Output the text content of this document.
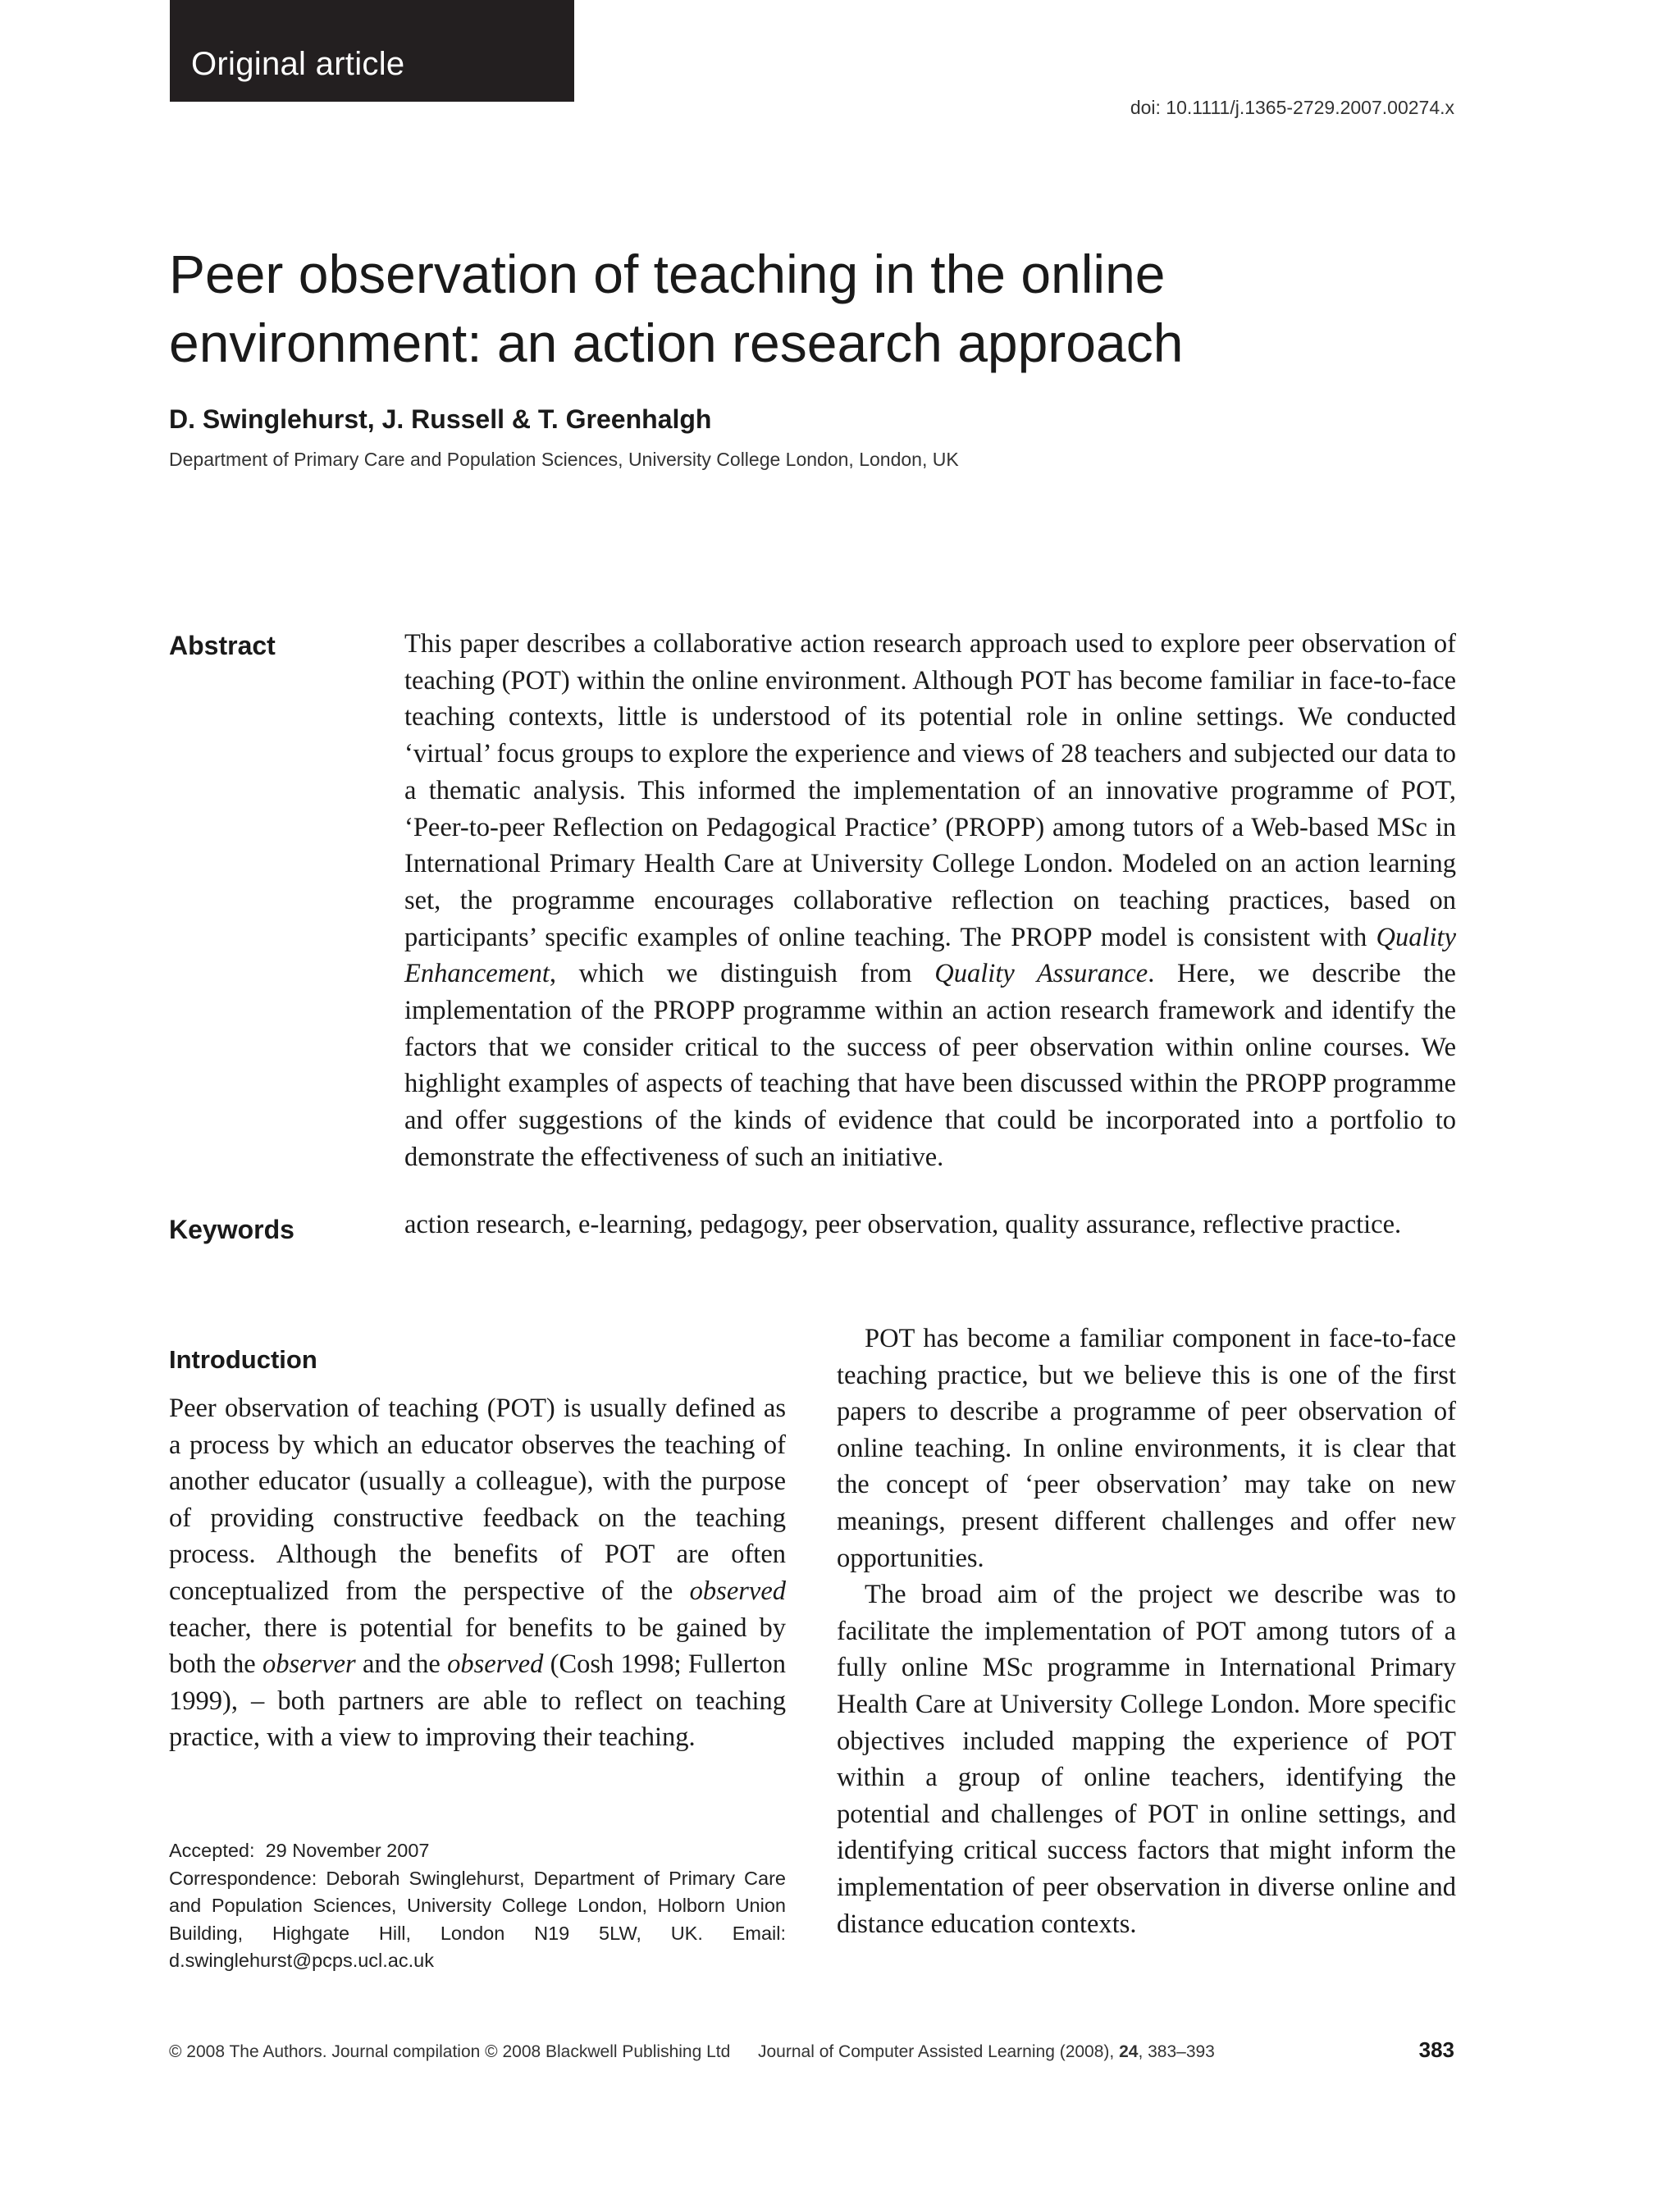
Original article
doi: 10.1111/j.1365-2729.2007.00274.x
Peer observation of teaching in the online
environment: an action research approach
D. Swinglehurst, J. Russell & T. Greenhalgh
Department of Primary Care and Population Sciences, University College London, London, UK
Abstract	This paper describes a collaborative action research approach used to explore peer observation of teaching (POT) within the online environment. Although POT has become familiar in face-to-face teaching contexts, little is understood of its potential role in online settings. We conducted ‘virtual’ focus groups to explore the experience and views of 28 teachers and subjected our data to a thematic analysis. This informed the implementation of an innovative programme of POT, ‘Peer-to-peer Reflection on Pedagogical Practice’ (PROPP) among tutors of a Web-based MSc in International Primary Health Care at University College London. Modeled on an action learning set, the programme encourages collaborative reflection on teaching practices, based on participants’ specific examples of online teaching. The PROPP model is consistent with Quality Enhancement, which we distinguish from Quality Assurance. Here, we describe the implementation of the PROPP programme within an action research framework and identify the factors that we consider critical to the success of peer observation within online courses. We highlight examples of aspects of teaching that have been discussed within the PROPP programme and offer suggestions of the kinds of evidence that could be incorporated into a portfolio to demonstrate the effectiveness of such an initiative.

Keywords	action research, e-learning, pedagogy, peer observation, quality assurance, reflective practice.
Introduction

Peer observation of teaching (POT) is usually defined as a process by which an educator observes the teaching of another educator (usually a colleague), with the purpose of providing constructive feedback on the teaching process. Although the benefits of POT are often conceptualized from the perspective of the observed teacher, there is potential for benefits to be gained by both the observer and the observed (Cosh 1998; Fullerton 1999), – both partners are able to reflect on teaching practice, with a view to improving their teaching.

POT has become a familiar component in face-to-face teaching practice, but we believe this is one of the first papers to describe a programme of peer observation of online teaching. In online environments, it is clear that the concept of ‘peer observation’ may take on new meanings, present different challenges and offer new opportunities.

The broad aim of the project we describe was to facilitate the implementation of POT among tutors of a fully online MSc programme in International Primary Health Care at University College London. More specific objectives included mapping the experience of POT within a group of online teachers, identifying the potential and challenges of POT in online settings, and identifying critical success factors that might inform the implementation of peer observation in diverse online and distance education contexts.

Accepted: 29 November 2007

Correspondence: Deborah Swinglehurst, Department of Primary Care and Population Sciences, University College London, Holborn Union Building, Highgate Hill, London N19 5LW, UK. Email: d.swinglehurst@pcps.ucl.ac.uk

© 2008 The Authors. Journal compilation © 2008 Blackwell Publishing Ltd Journal of Computer Assisted Learning (2008), 24, 383–393	383
